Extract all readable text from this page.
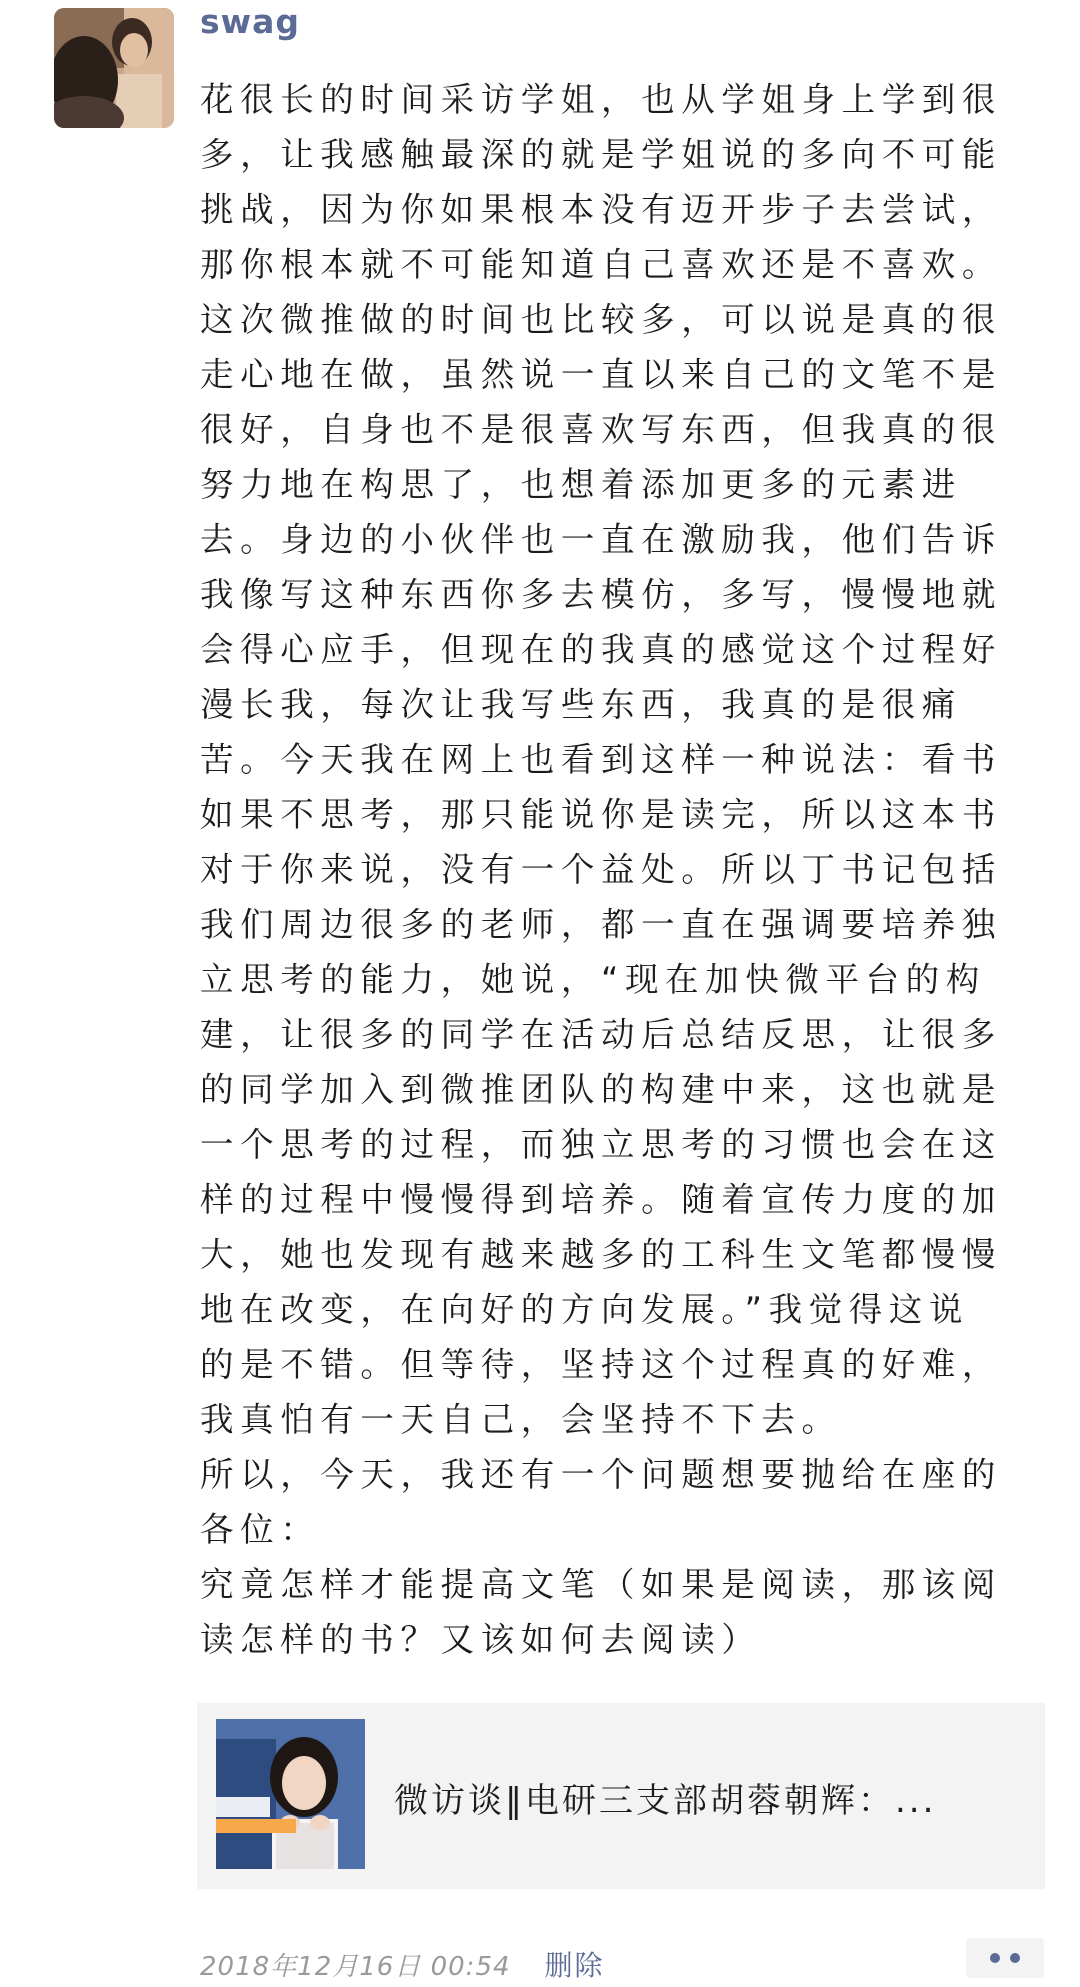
swag
花很长的时间采访学姐，也从学姐身上学到很
多，让我感触最深的就是学姐说的多向不可能
挑战，因为你如果根本没有迈开步子去尝试，
那你根本就不可能知道自己喜欢还是不喜欢。
这次微推做的时间也比较多，可以说是真的很
走心地在做，虽然说一直以来自己的文笔不是
很好，自身也不是很喜欢写东西，但我真的很
努力地在构思了，也想着添加更多的元素进
去。身边的小伙伴也一直在激励我，他们告诉
我像写这种东西你多去模仿，多写，慢慢地就
会得心应手，但现在的我真的感觉这个过程好
漫长我，每次让我写些东西，我真的是很痛
苦。今天我在网上也看到这样一种说法：看书
如果不思考，那只能说你是读完，所以这本书
对于你来说，没有一个益处。所以丁书记包括
我们周边很多的老师，都一直在强调要培养独
立思考的能力，她说，“现在加快微平台的构
建，让很多的同学在活动后总结反思，让很多
的同学加入到微推团队的构建中来，这也就是
一个思考的过程，而独立思考的习惯也会在这
样的过程中慢慢得到培养。随着宣传力度的加
大，她也发现有越来越多的工科生文笔都慢慢
地在改变，在向好的方向发展。”我觉得这说
的是不错。但等待，坚持这个过程真的好难，
我真怕有一天自己，会坚持不下去。
所以，今天，我还有一个问题想要抛给在座的
各位：
究竟怎样才能提高文笔（如果是阅读，那该阅
读怎样的书？又该如何去阅读）
微访谈‖电研三支部胡蓉朝辉：...
2018年12月16日 00:54 删除
